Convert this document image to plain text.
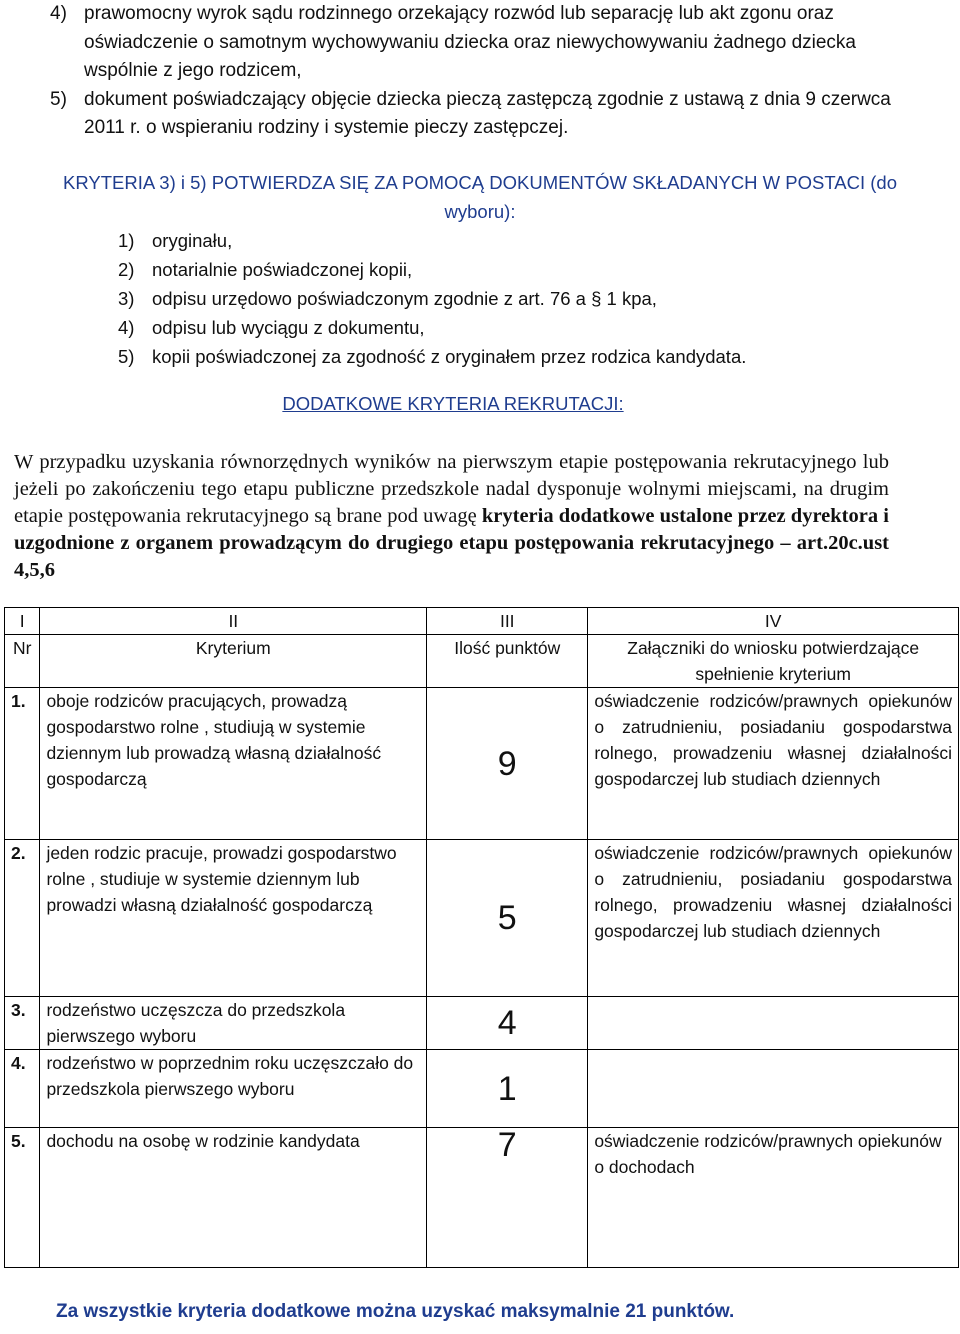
4) prawomocny wyrok sądu rodzinnego orzekający rozwód lub separację lub akt zgonu oraz oświadczenie o samotnym wychowywaniu dziecka oraz niewychowywaniu żadnego dziecka wspólnie z jego rodzicem,
5) dokument poświadczający objęcie dziecka pieczą zastępczą zgodnie z ustawą z dnia 9 czerwca 2011 r. o wspieraniu rodziny i systemie pieczy zastępczej.
KRYTERIA 3) i 5) POTWIERDZA SIĘ ZA POMOCĄ DOKUMENTÓW SKŁADANYCH W POSTACI (do wyboru):
1) oryginału,
2) notarialnie poświadczonej kopii,
3) odpisu urzędowo poświadczonym zgodnie z art. 76 a § 1 kpa,
4) odpisu lub wyciągu z dokumentu,
5) kopii poświadczonej za zgodność z oryginałem przez rodzica kandydata.
DODATKOWE KRYTERIA REKRUTACJI:
W przypadku uzyskania równorzędnych wyników na pierwszym etapie postępowania rekrutacyjnego lub jeżeli po zakończeniu tego etapu publiczne przedszkole nadal dysponuje wolnymi miejscami, na drugim etapie postępowania rekrutacyjnego są brane pod uwagę kryteria dodatkowe ustalone przez dyrektora i uzgodnione z organem prowadzącym do drugiego etapu postępowania rekrutacyjnego – art.20c.ust 4,5,6
I	II	III	IV
Nr	Kryterium	Ilość punktów	Załączniki do wniosku potwierdzające spełnienie kryterium
1.	oboje rodziców pracujących, prowadzą gospodarstwo rolne , studiują w systemie dziennym lub prowadzą własną działalność gospodarczą	9	oświadczenie rodziców/prawnych opiekunów o zatrudnieniu, posiadaniu gospodarstwa rolnego, prowadzeniu własnej działalności gospodarczej lub studiach dziennych
2.	jeden rodzic pracuje, prowadzi gospodarstwo rolne , studiuje w systemie dziennym lub prowadzi własną działalność gospodarczą	5	oświadczenie rodziców/prawnych opiekunów o zatrudnieniu, posiadaniu gospodarstwa rolnego, prowadzeniu własnej działalności gospodarczej lub studiach dziennych
3.	rodzeństwo uczęszcza do przedszkola pierwszego wyboru	4	
4.	rodzeństwo w poprzednim roku uczęszczało do przedszkola pierwszego wyboru	1	
5.	dochodu na osobę w rodzinie kandydata	7	oświadczenie rodziców/prawnych opiekunów o dochodach
Za wszystkie kryteria dodatkowe można uzyskać maksymalnie 21 punktów.
